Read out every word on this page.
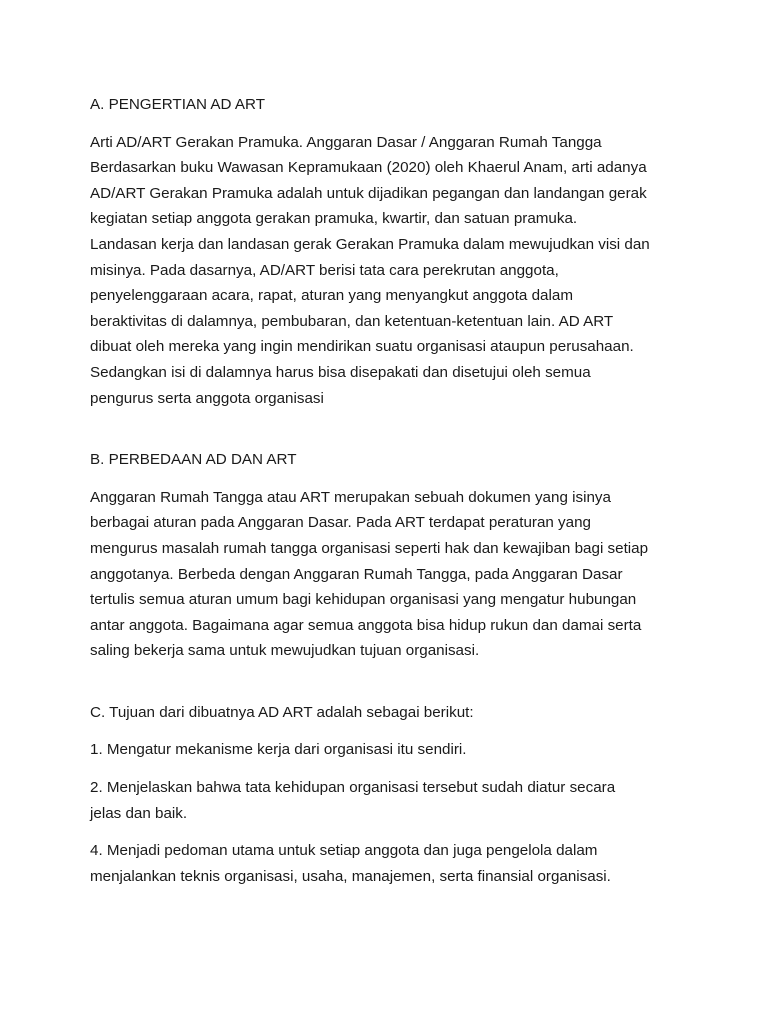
A. PENGERTIAN AD ART
Arti AD/ART Gerakan Pramuka. Anggaran Dasar / Anggaran Rumah Tangga
Berdasarkan buku Wawasan Kepramukaan (2020) oleh Khaerul Anam, arti adanya
AD/ART Gerakan Pramuka adalah untuk dijadikan pegangan dan landangan gerak
kegiatan setiap anggota gerakan pramuka, kwartir, dan satuan pramuka.
Landasan kerja dan landasan gerak Gerakan Pramuka dalam mewujudkan visi dan
misinya. Pada dasarnya, AD/ART berisi tata cara perekrutan anggota,
penyelenggaraan acara, rapat, aturan yang menyangkut anggota dalam
beraktivitas di dalamnya, pembubaran, dan ketentuan-ketentuan lain. AD ART
dibuat oleh mereka yang ingin mendirikan suatu organisasi ataupun perusahaan.
Sedangkan isi di dalamnya harus bisa disepakati dan disetujui oleh semua
pengurus serta anggota organisasi
B. PERBEDAAN AD DAN ART
Anggaran Rumah Tangga atau ART merupakan sebuah dokumen yang isinya
berbagai aturan pada Anggaran Dasar. Pada ART terdapat peraturan yang
mengurus masalah rumah tangga organisasi seperti hak dan kewajiban bagi setiap
anggotanya. Berbeda dengan Anggaran Rumah Tangga, pada Anggaran Dasar
tertulis semua aturan umum bagi kehidupan organisasi yang mengatur hubungan
antar anggota. Bagaimana agar semua anggota bisa hidup rukun dan damai serta
saling bekerja sama untuk mewujudkan tujuan organisasi.
C. Tujuan dari dibuatnya AD ART adalah sebagai berikut:
1. Mengatur mekanisme kerja dari organisasi itu sendiri.
2. Menjelaskan bahwa tata kehidupan organisasi tersebut sudah diatur secara
jelas dan baik.
4. Menjadi pedoman utama untuk setiap anggota dan juga pengelola dalam
menjalankan teknis organisasi, usaha, manajemen, serta finansial organisasi.
